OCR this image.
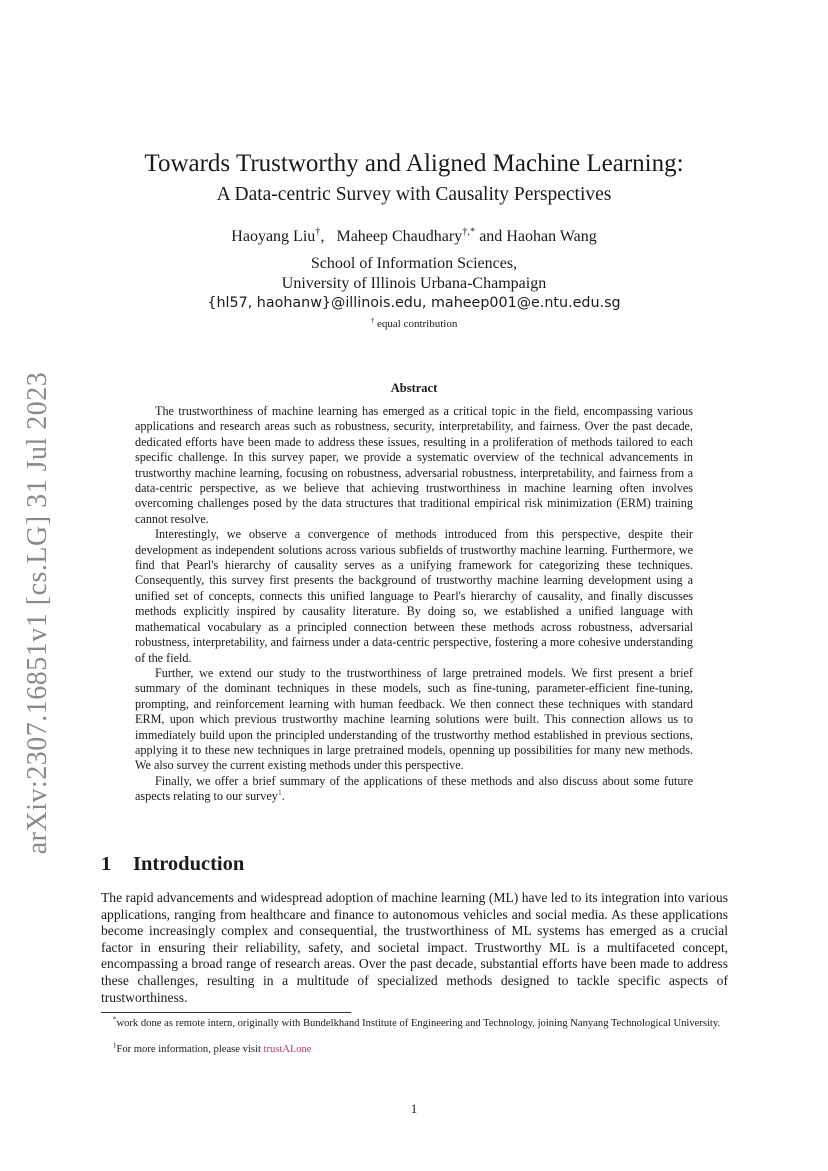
arXiv:2307.16851v1 [cs.LG] 31 Jul 2023
Towards Trustworthy and Aligned Machine Learning:
A Data-centric Survey with Causality Perspectives
Haoyang Liu†,   Maheep Chaudhary†,* and Haohan Wang
School of Information Sciences,
University of Illinois Urbana-Champaign
{hl57, haohanw}@illinois.edu, maheep001@e.ntu.edu.sg
† equal contribution
Abstract

The trustworthiness of machine learning has emerged as a critical topic in the field, encompassing various applications and research areas such as robustness, security, interpretability, and fairness. Over the past decade, dedicated efforts have been made to address these issues, resulting in a proliferation of methods tailored to each specific challenge. In this survey paper, we provide a systematic overview of the technical advancements in trustworthy machine learning, focusing on robustness, adversarial robustness, interpretability, and fairness from a data-centric perspective, as we believe that achieving trustworthiness in machine learning often involves overcoming challenges posed by the data structures that traditional empirical risk minimization (ERM) training cannot resolve.

Interestingly, we observe a convergence of methods introduced from this perspective, despite their development as independent solutions across various subfields of trustworthy machine learning. Furthermore, we find that Pearl's hierarchy of causality serves as a unifying framework for categorizing these techniques. Consequently, this survey first presents the background of trustworthy machine learning development using a unified set of concepts, connects this unified language to Pearl's hierarchy of causality, and finally discusses methods explicitly inspired by causality literature. By doing so, we established a unified language with mathematical vocabulary as a principled connection between these methods across robustness, adversarial robustness, interpretability, and fairness under a data-centric perspective, fostering a more cohesive understanding of the field.

Further, we extend our study to the trustworthiness of large pretrained models. We first present a brief summary of the dominant techniques in these models, such as fine-tuning, parameter-efficient fine-tuning, prompting, and reinforcement learning with human feedback. We then connect these techniques with standard ERM, upon which previous trustworthy machine learning solutions were built. This connection allows us to immediately build upon the principled understanding of the trustworthy method established in previous sections, applying it to these new techniques in large pretrained models, openning up possibilities for many new methods. We also survey the current existing methods under this perspective.

Finally, we offer a brief summary of the applications of these methods and also discuss about some future aspects relating to our survey$^1$.

1 Introduction

The rapid advancements and widespread adoption of machine learning (ML) have led to its integration into various applications, ranging from healthcare and finance to autonomous vehicles and social media. As these applications become increasingly complex and consequential, the trustworthiness of ML systems has emerged as a crucial factor in ensuring their reliability, safety, and societal impact. Trustworthy ML is a multifaceted concept, encompassing a broad range of research areas. Over the past decade, substantial efforts have been made to address these challenges, resulting in a multitude of specialized methods designed to tackle specific aspects of trustworthiness.

*work done as remote intern, originally with Bundelkhand Institute of Engineering and Technology, joining Nanyang Technological University.

$^1$For more information, please visit trustAI.one

1
